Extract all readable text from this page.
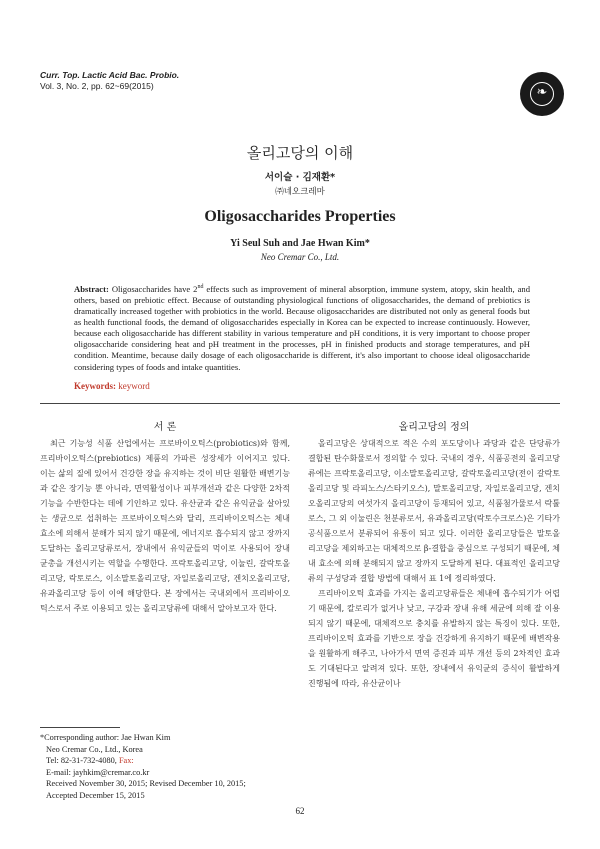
Curr. Top. Lactic Acid Bac. Probio.
Vol. 3, No. 2, pp. 62~69(2015)	❧
올리고당의 이해
서이슬 · 김재환*
㈜네오크레마
Oligosaccharides Properties
Yi Seul Suh and Jae Hwan Kim*
Neo Cremar Co., Ltd.
Abstract: Oligosaccharides have 2nd effects such as improvement of mineral absorption, immune system, atopy, skin health, and others, based on prebiotic effect. Because of outstanding physiological functions of oligosaccharides, the demand of prebiotics is dramatically increased together with probiotics in the world. Because oligosaccharides are distributed not only as general foods but as health functional foods, the demand of oligosaccharides especially in Korea can be expected to increase continuously. However, because each oligosaccharide has different stability in various temperature and pH conditions, it is very important to choose proper oligosaccharide considering heat and pH treatment in the processes, pH in finished products and storage temperatures, and pH condition. Meantime, because daily dosage of each oligosaccharide is different, it's also important to choose ideal oligosaccharide considering types of foods and intake quantities.
Keywords: keyword
서 론	올리고당의 정의

최근 기능성 식품 산업에서는 프로바이오틱스(probiotics)와 함께, 프리바이오틱스(prebiotics) 제품의 가파른 성장세가 이어지고 있다. 이는 삶의 질에 있어서 건강한 장을 유지하는 것이 비단 원활한 배변기능과 같은 장기능 뿐 아니라, 면역활성이나 피부개선과 같은 다양한 2차적 기능을 수반한다는 데에 기인하고 있다. 유산균과 같은 유익균을 살아있는 생균으로 섭취하는 프로바이오틱스와 달리, 프리바이오틱스는 체내 효소에 의해서 분해가 되지 않기 때문에, 에너지로 흡수되지 않고 장까지 도달하는 올리고당류로서, 장내에서 유익균들의 먹이로 사용되어 장내 균총을 개선시키는 역할을 수행한다. 프락토올리고당, 이눌린, 갈락토올리고당, 락토로스, 이소말토올리고당, 자일로올리고당, 겐치오올리고당, 유과올리고당 등이 이에 해당한다. 본 장에서는 국내외에서 프리바이오틱스로서 주로 이용되고 있는 올리고당류에 대해서 알아보고자 한다.

올리고당은 상대적으로 적은 수의 포도당이나 과당과 같은 단당류가 결합된 탄수화물로서 정의할 수 있다. 국내의 경우, 식품공전의 올리고당류에는 프락토올리고당, 이소말토올리고당, 갈락토올리고당(전이 갈락토올리고당 및 라피노스/스타키오스), 말토올리고당, 자일로올리고당, 겐치오올리고당의 여섯가지 올리고당이 등재되어 있고, 식품첨가물로서 락툴로스, 그 외 이눌린은 천분류로서, 유과올리고당(락토수크로스)은 기타가공식품으로서 분류되어 유통이 되고 있다. 이러한 올리고당들은 말토올리고당을 제외하고는 대체적으로 β-결합을 중심으로 구성되기 때문에, 체내 효소에 의해 분해되지 않고 장까지 도달하게 된다. 대표적인 올리고당류의 구성당과 결합 방법에 대해서 표 1에 정리하였다.

프리바이오틱 효과를 가지는 올리고당류들은 체내에 흡수되기가 어렵기 때문에, 칼로리가 없거나 낮고, 구강과 장내 유해 세균에 의해 잘 이용되지 않기 때문에, 대체적으로 충치를 유발하지 않는 특징이 있다. 또한, 프리바이오틱 효과를 기반으로 장을 건강하게 유지하기 때문에 배변작용을 원활하게 해주고, 나아가서 면역 증진과 피부 개선 등의 2차적인 효과도 기대된다고 알려져 있다. 또한, 장내에서 유익균의 증식이 활발하게 진행됨에 따라, 유산균이나

*Corresponding author: Jae Hwan Kim
Neo Cremar Co., Ltd., Korea
Tel: 82-31-732-4080, Fax:
E-mail: jayhkim@cremar.co.kr
Received November 30, 2015; Revised December 10, 2015;
Accepted December 15, 2015
62
